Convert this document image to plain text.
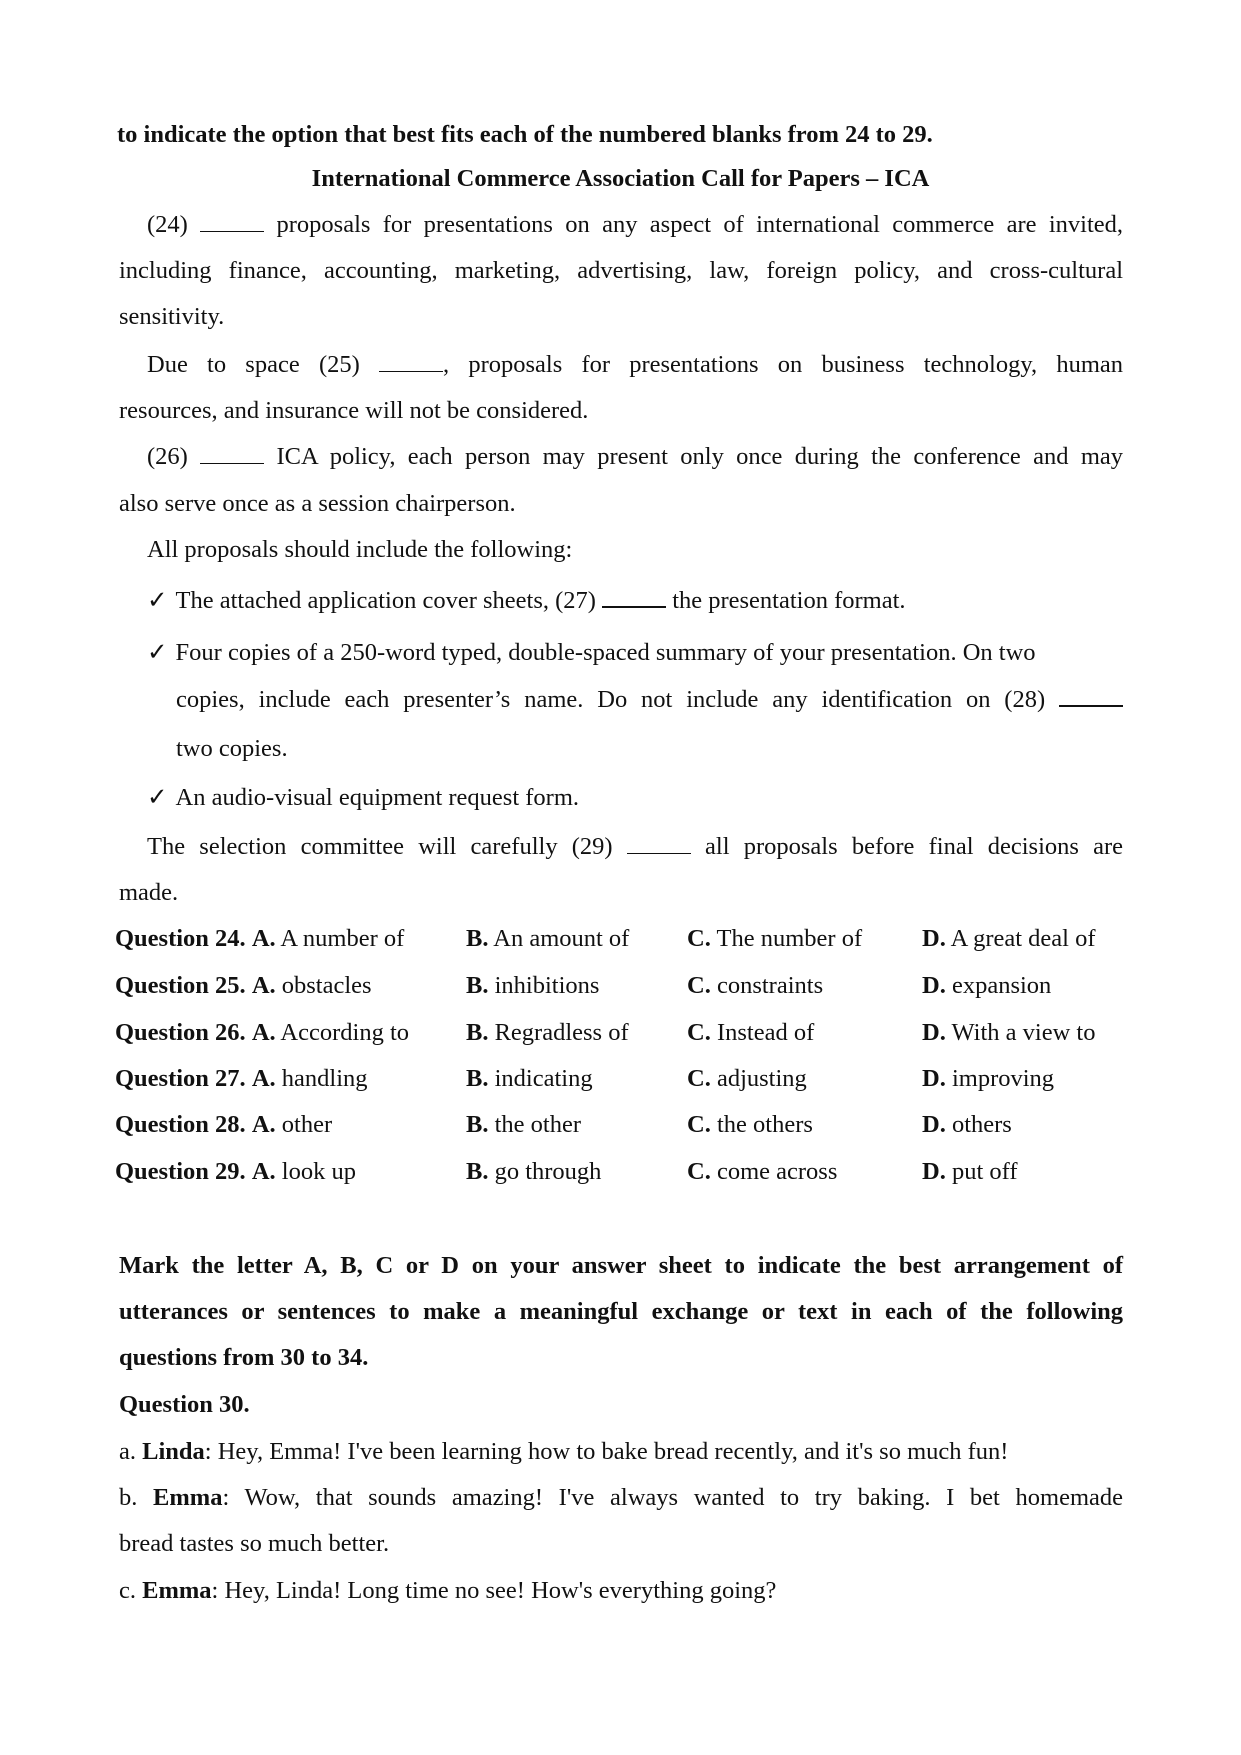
to indicate the option that best fits each of the numbered blanks from 24 to 29.
International Commerce Association Call for Papers – ICA
(24)	proposals for presentations on any aspect of international commerce are invited,
including finance, accounting, marketing, advertising, law, foreign policy, and cross-cultural
sensitivity.
Due to space (25)	, proposals for presentations on business technology, human
resources, and insurance will not be considered.
(26)	ICA policy, each person may present only once during the conference and may
also serve once as a session chairperson.
All proposals should include the following:
✓ The attached application cover sheets, (27)	the presentation format.
✓ Four copies of a 250-word typed, double-spaced summary of your presentation. On two
copies, include each presenter’s name. Do not include any identification on (28)
two copies.
✓ An audio-visual equipment request form.
The selection committee will carefully (29)	all proposals before final decisions are
made.
Question 24. A. A number of	B. An amount of C. The number of D. A great deal of
Question 25. A. obstacles	B. inhibitions	C. constraints	D. expansion
Question 26. A. According to B. Regradless of C. Instead of	D. With a view to
Question 27. A. handling	B. indicating	C. adjusting	D. improving
Question 28. A. other	B. the other	C. the others	D. others
Question 29. A. look up	B. go through	C. come across	D. put off
Mark the letter A, B, C or D on your answer sheet to indicate the best arrangement of
utterances or sentences to make a meaningful exchange or text in each of the following
questions from 30 to 34.
Question 30.
a. Linda: Hey, Emma! I've been learning how to bake bread recently, and it's so much fun!
b. Emma: Wow, that sounds amazing! I've always wanted to try baking. I bet homemade
bread tastes so much better.
c. Emma: Hey, Linda! Long time no see! How's everything going?
